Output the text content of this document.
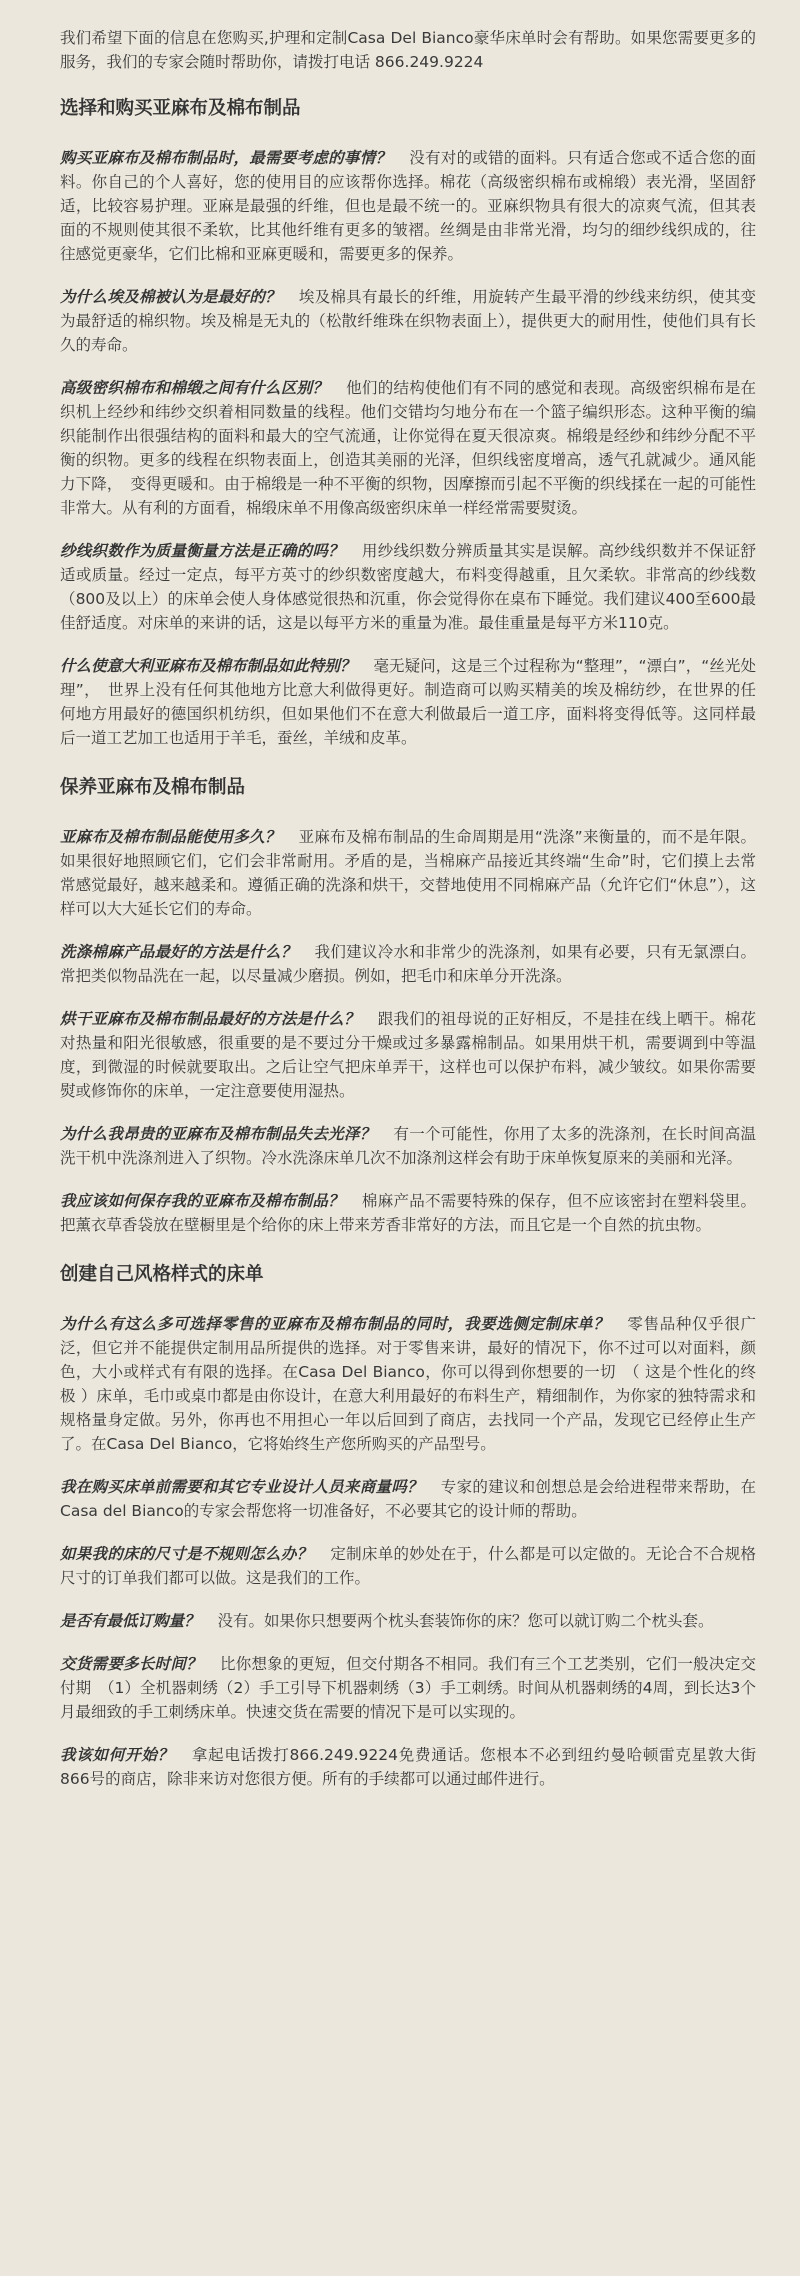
我们希望下面的信息在您购买,护理和定制Casa Del Bianco豪华床单时会有帮助。如果您需要更多的服务，我们的专家会随时帮助你，请拨打电话 866.249.9224

选择和购买亚麻布及棉布制品

购买亚麻布及棉布制品时，最需要考虑的事情？ 没有对的或错的面料。只有适合您或不适合您的面料。你自己的个人喜好，您的使用目的应该帮你选择。棉花（高级密织棉布或棉缎）表光滑，坚固舒适，比较容易护理。亚麻是最强的纤维，但也是最不统一的。亚麻织物具有很大的凉爽气流，但其表面的不规则使其很不柔软，比其他纤维有更多的皱褶。丝绸是由非常光滑，均匀的细纱线织成的，往往感觉更豪华，它们比棉和亚麻更暖和，需要更多的保养。

为什么埃及棉被认为是最好的？ 埃及棉具有最长的纤维，用旋转产生最平滑的纱线来纺织，使其变为最舒适的棉织物。埃及棉是无丸的（松散纤维珠在织物表面上），提供更大的耐用性，使他们具有长久的寿命。

高级密织棉布和棉缎之间有什么区别？ 他们的结构使他们有不同的感觉和表现。高级密织棉布是在织机上经纱和纬纱交织着相同数量的线程。他们交错均匀地分布在一个篮子编织形态。这种平衡的编织能制作出很强结构的面料和最大的空气流通，让你觉得在夏天很凉爽。棉缎是经纱和纬纱分配不平衡的织物。更多的线程在织物表面上，创造其美丽的光泽，但织线密度增高，透气孔就减少。通风能力下降，　变得更暖和。由于棉缎是一种不平衡的织物，因摩擦而引起不平衡的织线揉在一起的可能性非常大。从有利的方面看，棉缎床单不用像高级密织床单一样经常需要熨烫。

纱线织数作为质量衡量方法是正确的吗？ 用纱线织数分辨质量其实是误解。高纱线织数并不保证舒适或质量。经过一定点，每平方英寸的纱织数密度越大，布料变得越重，且欠柔软。非常高的纱线数（800及以上）的床单会使人身体感觉很热和沉重，你会觉得你在桌布下睡觉。我们建议400至600最佳舒适度。对床单的来讲的话，这是以每平方米的重量为准。最佳重量是每平方米110克。

什么使意大利亚麻布及棉布制品如此特别？ 毫无疑问，这是三个过程称为“整理”，“漂白”，“丝光处理”，　世界上没有任何其他地方比意大利做得更好。制造商可以购买精美的埃及棉纺纱，在世界的任何地方用最好的德国织机纺织，但如果他们不在意大利做最后一道工序，面料将变得低等。这同样最后一道工艺加工也适用于羊毛，蚕丝，羊绒和皮革。

保养亚麻布及棉布制品

亚麻布及棉布制品能使用多久？ 亚麻布及棉布制品的生命周期是用“洗涤”来衡量的，而不是年限。如果很好地照顾它们，它们会非常耐用。矛盾的是，当棉麻产品接近其终端“生命”时，它们摸上去常常感觉最好，越来越柔和。遵循正确的洗涤和烘干，交替地使用不同棉麻产品（允许它们“休息”），这样可以大大延长它们的寿命。

洗涤棉麻产品最好的方法是什么？ 我们建议冷水和非常少的洗涤剂，如果有必要，只有无氯漂白。常把类似物品洗在一起，以尽量减少磨损。例如，把毛巾和床单分开洗涤。

烘干亚麻布及棉布制品最好的方法是什么？ 跟我们的祖母说的正好相反，不是挂在线上晒干。棉花对热量和阳光很敏感，很重要的是不要过分干燥或过多暴露棉制品。如果用烘干机，需要调到中等温度，到微湿的时候就要取出。之后让空气把床单弄干，这样也可以保护布料，减少皱纹。如果你需要熨或修饰你的床单，一定注意要使用湿热。

为什么我昂贵的亚麻布及棉布制品失去光泽？ 有一个可能性，你用了太多的洗涤剂，在长时间高温洗干机中洗涤剂进入了织物。冷水洗涤床单几次不加涤剂这样会有助于床单恢复原来的美丽和光泽。

我应该如何保存我的亚麻布及棉布制品？ 棉麻产品不需要特殊的保存，但不应该密封在塑料袋里。把薰衣草香袋放在壁橱里是个给你的床上带来芳香非常好的方法，而且它是一个自然的抗虫物。

创建自己风格样式的床单

为什么有这么多可选择零售的亚麻布及棉布制品的同时，我要选侧定制床单？ 零售品种仅乎很广泛，但它并不能提供定制用品所提供的选择。对于零售来讲，最好的情况下，你不过可以对面料，颜色，大小或样式有有限的选择。在Casa Del Bianco，你可以得到你想要的一切　（ 这是个性化的终极 ）床单，毛巾或桌巾都是由你设计，在意大利用最好的布料生产，精细制作，为你家的独特需求和规格量身定做。另外，你再也不用担心一年以后回到了商店，去找同一个产品，发现它已经停止生产了。在Casa Del Bianco，它将始终生产您所购买的产品型号。

我在购买床单前需要和其它专业设计人员来商量吗？ 专家的建议和创想总是会给进程带来帮助，在Casa del Bianco的专家会帮您将一切准备好，不必要其它的设计师的帮助。

如果我的床的尺寸是不规则怎么办？ 定制床单的妙处在于，什么都是可以定做的。无论合不合规格尺寸的订单我们都可以做。这是我们的工作。

是否有最低订购量？ 没有。如果你只想要两个枕头套装饰你的床？您可以就订购二个枕头套。

交货需要多长时间？ 比你想象的更短，但交付期各不相同。我们有三个工艺类别，它们一般决定交付期　（1）全机器刺绣（2）手工引导下机器刺绣（3）手工刺绣。时间从机器刺绣的4周，到长达3个月最细致的手工刺绣床单。快速交货在需要的情况下是可以实现的。

我该如何开始？ 拿起电话拨打866.249.9224免费通话。您根本不必到纽约曼哈顿雷克星敦大街866号的商店，除非来访对您很方便。所有的手续都可以通过邮件进行。
